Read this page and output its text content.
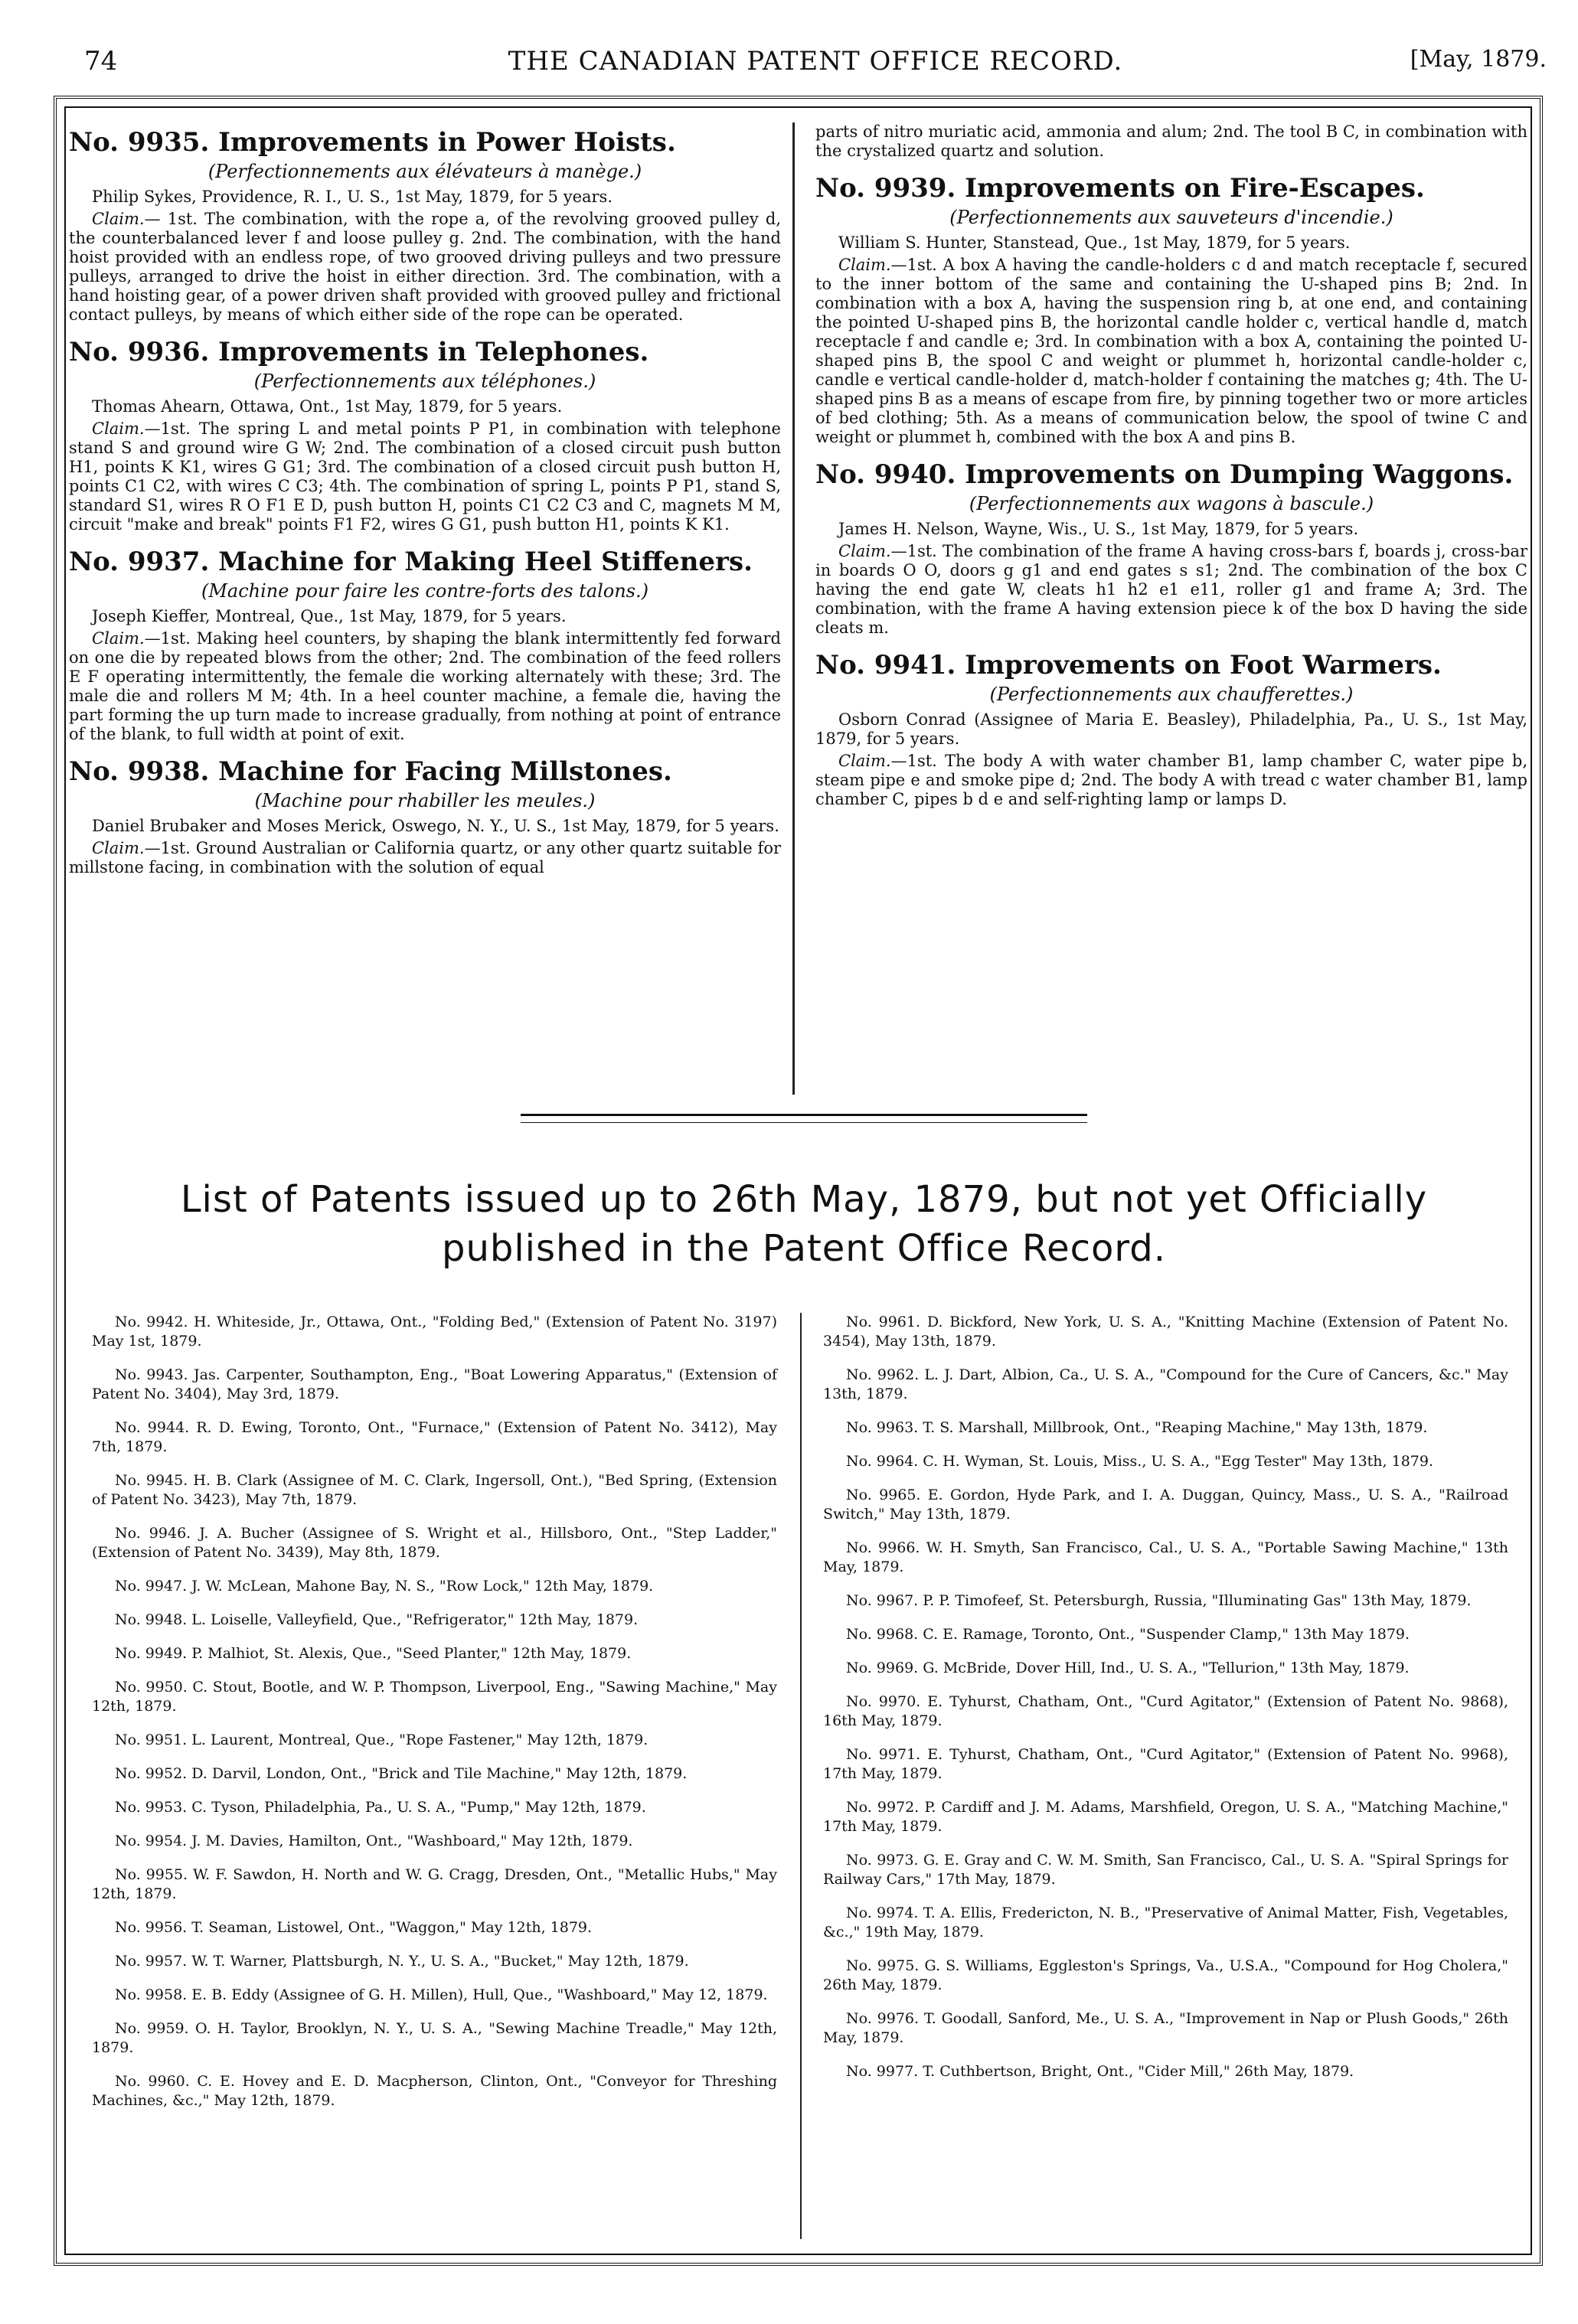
74	THE CANADIAN PATENT OFFICE RECORD.	[May, 1879.
No. 9935. Improvements in Power Hoists.
(Perfectionnements aux élévateurs à manège.)
Philip Sykes, Providence, R. I., U. S., 1st May, 1879, for 5 years.
Claim.— 1st. The combination, with the rope a, of the revolving grooved pulley d, the counterbalanced lever f and loose pulley g. 2nd. The combination, with the hand hoist provided with an endless rope, of two grooved driving pulleys and two pressure pulleys, arranged to drive the hoist in either direction. 3rd. The combination, with a hand hoisting gear, of a power driven shaft provided with grooved pulley and frictional contact pulleys, by means of which either side of the rope can be operated.
No. 9936. Improvements in Telephones.
(Perfectionnements aux téléphones.)
Thomas Ahearn, Ottawa, Ont., 1st May, 1879, for 5 years.
Claim.—1st. The spring L and metal points P P1, in combination with telephone stand S and ground wire G W; 2nd. The combination of a closed circuit push button H1, points K K1, wires G G1; 3rd. The combination of a closed circuit push button H, points C1 C2, with wires C C3; 4th. The combination of spring L, points P P1, stand S, standard S1, wires R O F1 E D, push button H, points C1 C2 C3 and C, magnets M M, circuit "make and break" points F1 F2, wires G G1, push button H1, points K K1.
No. 9937. Machine for Making Heel Stiffeners.
(Machine pour faire les contre-forts des talons.)
Joseph Kieffer, Montreal, Que., 1st May, 1879, for 5 years.
Claim.—1st. Making heel counters, by shaping the blank intermittently fed forward on one die by repeated blows from the other; 2nd. The combination of the feed rollers E F operating intermittently, the female die working alternately with these; 3rd. The male die and rollers M M; 4th. In a heel counter machine, a female die, having the part forming the up turn made to increase gradually, from nothing at point of entrance of the blank, to full width at point of exit.
No. 9938. Machine for Facing Millstones.
(Machine pour rhabiller les meules.)
Daniel Brubaker and Moses Merick, Oswego, N. Y., U. S., 1st May, 1879, for 5 years.
Claim.—1st. Ground Australian or California quartz, or any other quartz suitable for millstone facing, in combination with the solution of equal
parts of nitro muriatic acid, ammonia and alum; 2nd. The tool B C, in combination with the crystalized quartz and solution.
No. 9939. Improvements on Fire-Escapes.
(Perfectionnements aux sauveteurs d'incendie.)
William S. Hunter, Stanstead, Que., 1st May, 1879, for 5 years.
Claim.—1st. A box A having the candle-holders c d and match receptacle f, secured to the inner bottom of the same and containing the U-shaped pins B; 2nd. In combination with a box A, having the suspension ring b, at one end, and containing the pointed U-shaped pins B, the horizontal candle holder c, vertical handle d, match receptacle f and candle e; 3rd. In combination with a box A, containing the pointed U-shaped pins B, the spool C and weight or plummet h, horizontal candle-holder c, candle e vertical candle-holder d, match-holder f containing the matches g; 4th. The U-shaped pins B as a means of escape from fire, by pinning together two or more articles of bed clothing; 5th. As a means of communication below, the spool of twine C and weight or plummet h, combined with the box A and pins B.
No. 9940. Improvements on Dumping Waggons.
(Perfectionnements aux wagons à bascule.)
James H. Nelson, Wayne, Wis., U. S., 1st May, 1879, for 5 years.
Claim.—1st. The combination of the frame A having cross-bars f, boards j, cross-bar in boards O O, doors g g1 and end gates s s1; 2nd. The combination of the box C having the end gate W, cleats h1 h2 e1 e11, roller g1 and frame A; 3rd. The combination, with the frame A having extension piece k of the box D having the side cleats m.
No. 9941. Improvements on Foot Warmers.
(Perfectionnements aux chaufferettes.)
Osborn Conrad (Assignee of Maria E. Beasley), Philadelphia, Pa., U. S., 1st May, 1879, for 5 years.
Claim.—1st. The body A with water chamber B1, lamp chamber C, water pipe b, steam pipe e and smoke pipe d; 2nd. The body A with tread c water chamber B1, lamp chamber C, pipes b d e and self-righting lamp or lamps D.
List of Patents issued up to 26th May, 1879, but not yet Officially published in the Patent Office Record.

No. 9942. H. Whiteside, Jr., Ottawa, Ont., "Folding Bed," (Extension of Patent No. 3197) May 1st, 1879.

No. 9943. Jas. Carpenter, Southampton, Eng., "Boat Lowering Apparatus," (Extension of Patent No. 3404), May 3rd, 1879.

No. 9944. R. D. Ewing, Toronto, Ont., "Furnace," (Extension of Patent No. 3412), May 7th, 1879.

No. 9945. H. B. Clark (Assignee of M. C. Clark, Ingersoll, Ont.), "Bed Spring, (Extension of Patent No. 3423), May 7th, 1879.

No. 9946. J. A. Bucher (Assignee of S. Wright et al., Hillsboro, Ont., "Step Ladder," (Extension of Patent No. 3439), May 8th, 1879.

No. 9947. J. W. McLean, Mahone Bay, N. S., "Row Lock," 12th May, 1879.

No. 9948. L. Loiselle, Valleyfield, Que., "Refrigerator," 12th May, 1879.

No. 9949. P. Malhiot, St. Alexis, Que., "Seed Planter," 12th May, 1879.

No. 9950. C. Stout, Bootle, and W. P. Thompson, Liverpool, Eng., "Sawing Machine," May 12th, 1879.

No. 9951. L. Laurent, Montreal, Que., "Rope Fastener," May 12th, 1879.

No. 9952. D. Darvil, London, Ont., "Brick and Tile Machine," May 12th, 1879.

No. 9953. C. Tyson, Philadelphia, Pa., U. S. A., "Pump," May 12th, 1879.

No. 9954. J. M. Davies, Hamilton, Ont., "Washboard," May 12th, 1879.

No. 9955. W. F. Sawdon, H. North and W. G. Cragg, Dresden, Ont., "Metallic Hubs," May 12th, 1879.

No. 9956. T. Seaman, Listowel, Ont., "Waggon," May 12th, 1879.

No. 9957. W. T. Warner, Plattsburgh, N. Y., U. S. A., "Bucket," May 12th, 1879.

No. 9958. E. B. Eddy (Assignee of G. H. Millen), Hull, Que., "Washboard," May 12, 1879.

No. 9959. O. H. Taylor, Brooklyn, N. Y., U. S. A., "Sewing Machine Treadle," May 12th, 1879.

No. 9960. C. E. Hovey and E. D. Macpherson, Clinton, Ont., "Conveyor for Threshing Machines, &c.," May 12th, 1879.

No. 9961. D. Bickford, New York, U. S. A., "Knitting Machine (Extension of Patent No. 3454), May 13th, 1879.

No. 9962. L. J. Dart, Albion, Ca., U. S. A., "Compound for the Cure of Cancers, &c." May 13th, 1879.

No. 9963. T. S. Marshall, Millbrook, Ont., "Reaping Machine," May 13th, 1879.

No. 9964. C. H. Wyman, St. Louis, Miss., U. S. A., "Egg Tester" May 13th, 1879.

No. 9965. E. Gordon, Hyde Park, and I. A. Duggan, Quincy, Mass., U. S. A., "Railroad Switch," May 13th, 1879.

No. 9966. W. H. Smyth, San Francisco, Cal., U. S. A., "Portable Sawing Machine," 13th May, 1879.

No. 9967. P. P. Timofeef, St. Petersburgh, Russia, "Illuminating Gas" 13th May, 1879.

No. 9968. C. E. Ramage, Toronto, Ont., "Suspender Clamp," 13th May 1879.

No. 9969. G. McBride, Dover Hill, Ind., U. S. A., "Tellurion," 13th May, 1879.

No. 9970. E. Tyhurst, Chatham, Ont., "Curd Agitator," (Extension of Patent No. 9868), 16th May, 1879.

No. 9971. E. Tyhurst, Chatham, Ont., "Curd Agitator," (Extension of Patent No. 9968), 17th May, 1879.

No. 9972. P. Cardiff and J. M. Adams, Marshfield, Oregon, U. S. A., "Matching Machine," 17th May, 1879.

No. 9973. G. E. Gray and C. W. M. Smith, San Francisco, Cal., U. S. A. "Spiral Springs for Railway Cars," 17th May, 1879.

No. 9974. T. A. Ellis, Fredericton, N. B., "Preservative of Animal Matter, Fish, Vegetables, &c.," 19th May, 1879.

No. 9975. G. S. Williams, Eggleston's Springs, Va., U.S.A., "Compound for Hog Cholera," 26th May, 1879.

No. 9976. T. Goodall, Sanford, Me., U. S. A., "Improvement in Nap or Plush Goods," 26th May, 1879.

No. 9977. T. Cuthbertson, Bright, Ont., "Cider Mill," 26th May, 1879.
